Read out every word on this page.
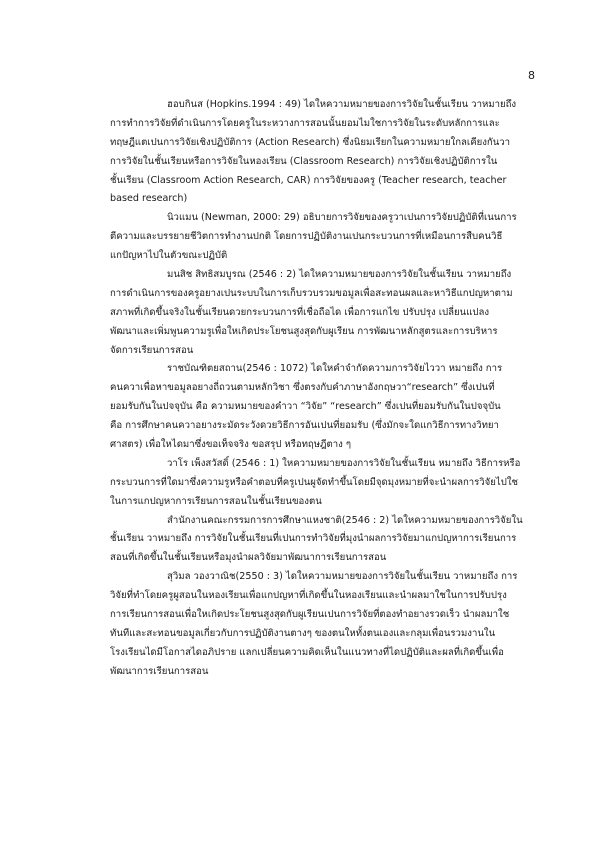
8
ฮอบกินส (Hopkins.1994 : 49) ไดใหความหมายของการวิจัยในชั้นเรียน วาหมายถึง
การทำการวิจัยที่ดำเนินการโดยครูในระหวางการสอนนั้นยอมไมใชการวิจัยในระดับหลักการและ
ทฤษฎีแตเปนการวิจัยเชิงปฏิบัติการ (Action Research) ซึ่งนิยมเรียกในความหมายใกลเคียงกันวา
การวิจัยในชั้นเรียนหรือการวิจัยในหองเรียน (Classroom Research) การวิจัยเชิงปฏิบัติการใน
ชั้นเรียน (Classroom Action Research, CAR) การวิจัยของครู (Teacher research, teacher
based research)
นิวแมน (Newman, 2000: 29) อธิบายการวิจัยของครูวาเปนการวิจัยปฏิบัติที่เนนการ
ตีความและบรรยายชีวิตการทำงานปกติ โดยการปฏิบัติงานเปนกระบวนการที่เหมือนการสืบคนวิธี
แกปัญหาไปในตัวขณะปฏิบัติ
มนสิช สิทธิสมบูรณ (2546 : 2) ไดใหความหมายของการวิจัยในชั้นเรียน วาหมายถึง
การดำเนินการของครูอยางเปนระบบในการเก็บรวบรวมขอมูลเพื่อสะทอนผลและหาวิธีแกปญหาตาม
สภาพที่เกิดขึ้นจริงในชั้นเรียนดวยกระบวนการที่เชื่อถือได เพื่อการแกไข ปรับปรุง เปลี่ยนแปลง
พัฒนาและเพิ่มพูนความรูเพื่อใหเกิดประโยชนสูงสุดกับผูเรียน การพัฒนาหลักสูตรและการบริหาร
จัดการเรียนการสอน
ราชบัณฑิตยสถาน(2546 : 1072) ไดใหคำจำกัดความการวิจัยไววา หมายถึง การ
คนควาเพื่อหาขอมูลอยางถี่ถวนตามหลักวิชา ซึ่งตรงกับคำภาษาอังกฤษวา“research” ซึ่งเปนที่
ยอมรับกันในปจจุบัน คือ ความหมายของคำวา “วิจัย” “research” ซึ่งเปนที่ยอมรับกันในปจจุบัน
คือ การศึกษาคนควาอยางระมัดระวังดวยวิธีการอันเปนที่ยอมรับ (ซึ่งมักจะใดแกวิธีการทางวิทยา
ศาสตร) เพื่อใหไดมาซึ่งขอเท็จจริง ขอสรุป หรือทฤษฎีตาง ๆ
วาโร เพ็งสวัสดิ์ (2546 : 1) ใหความหมายของการวิจัยในชั้นเรียน หมายถึง วิธีการหรือ
กระบวนการที่ใดมาซึ่งความรูหรือคำตอบที่ครูเปนผูจัดทำขึ้นโดยมีจุดมุงหมายที่จะนำผลการวิจัยไปใช
ในการแกปญหาการเรียนการสอนในชั้นเรียนของตน
สำนักงานคณะกรรมการการศึกษาแหงชาติ(2546 : 2) ไดใหความหมายของการวิจัยใน
ชั้นเรียน วาหมายถึง การวิจัยในชั้นเรียนที่เปนการทำวิจัยที่มุงนำผลการวิจัยมาแกปญหาการเรียนการ
สอนที่เกิดขึ้นในชั้นเรียนหรือมุงนำผลวิจัยมาพัฒนาการเรียนการสอน
สุวิมล วองวาณิช(2550 : 3) ไดใหความหมายของการวิจัยในชั้นเรียน วาหมายถึง การ
วิจัยที่ทำโดยครูผูสอนในหองเรียนเพื่อแกปญหาที่เกิดขึ้นในหองเรียนและนำผลมาใชในการปรับปรุง
การเรียนการสอนเพื่อใหเกิดประโยชนสูงสุดกับผูเรียนเปนการวิจัยที่ตองทำอยางรวดเร็ว นำผลมาใช
ทันทีและสะทอนขอมูลเกี่ยวกับการปฏิบัติงานตางๆ ของตนใหทั้งตนเองและกลุมเพื่อนรวมงานใน
โรงเรียนไดมีโอกาสไดอภิปราย แลกเปลี่ยนความคิดเห็นในแนวทางที่ไดปฏิบัติและผลที่เกิดขึ้นเพื่อ
พัฒนาการเรียนการสอน
